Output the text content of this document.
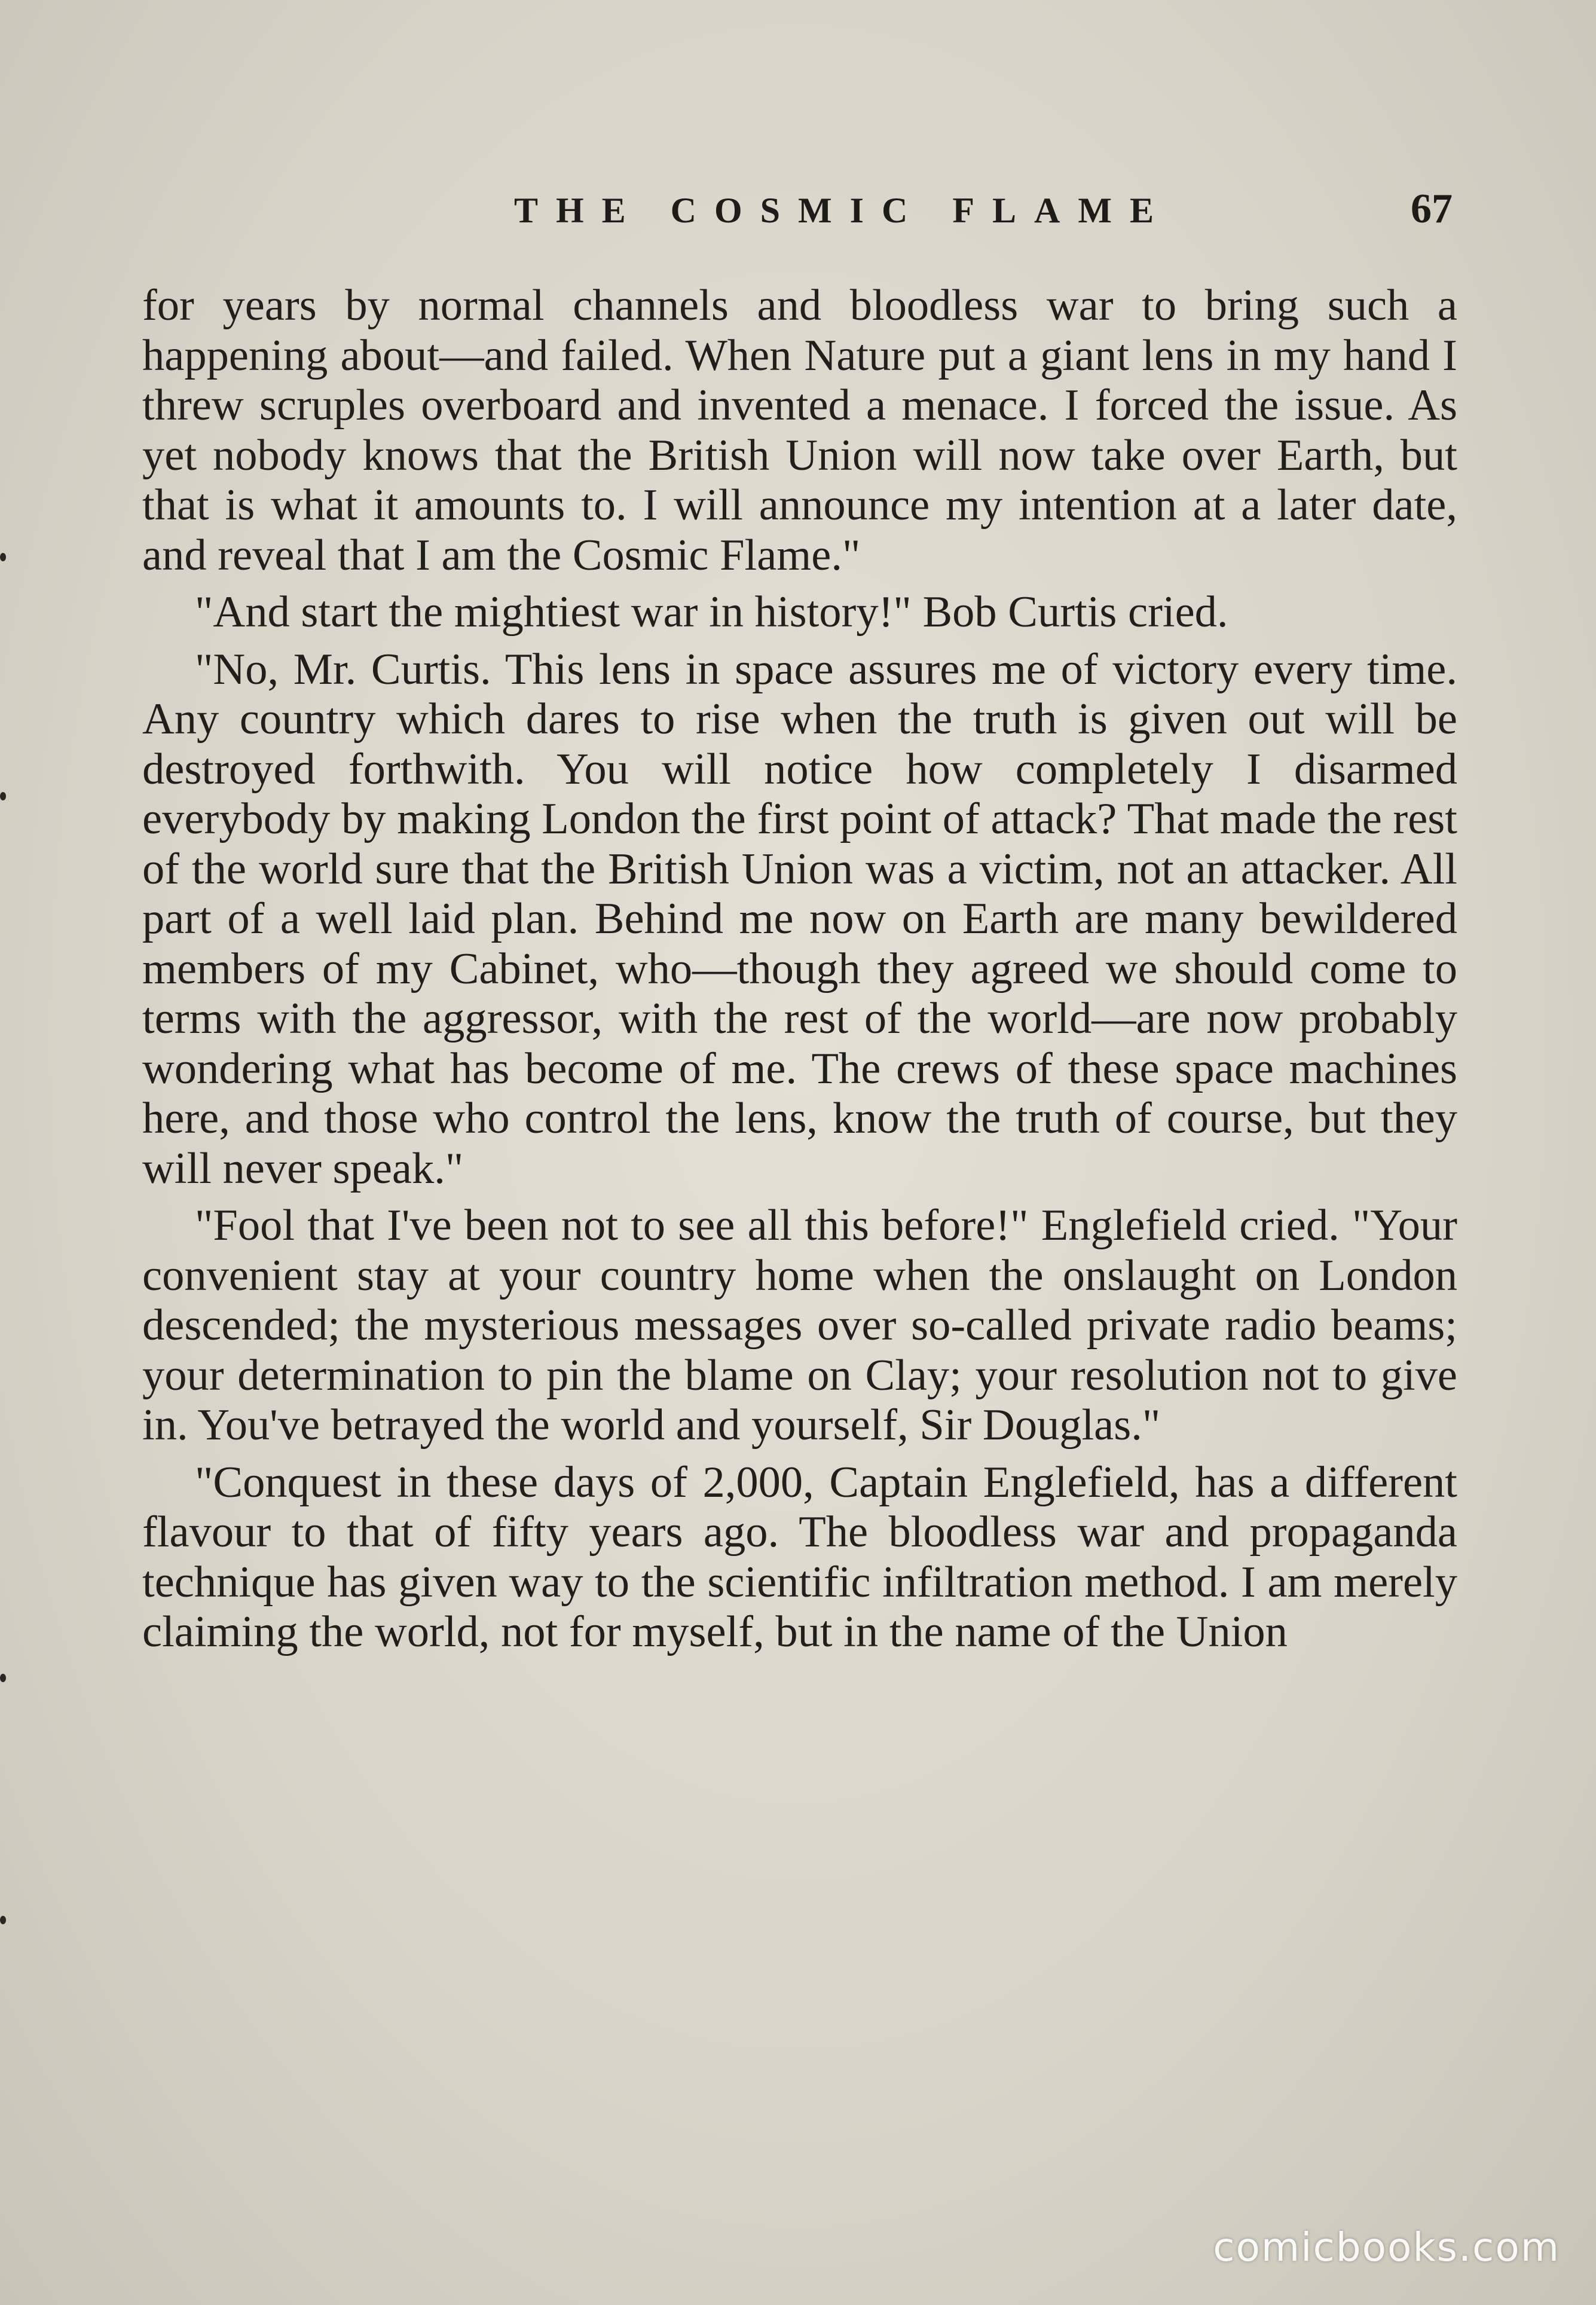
THE COSMIC FLAME	67

for years by normal channels and bloodless war to bring such a happening about—and failed. When Nature put a giant lens in my hand I threw scruples overboard and invented a menace. I forced the issue. As yet nobody knows that the British Union will now take over Earth, but that is what it amounts to. I will announce my intention at a later date, and reveal that I am the Cosmic Flame."

"And start the mightiest war in history!" Bob Curtis cried.

"No, Mr. Curtis. This lens in space assures me of victory every time. Any country which dares to rise when the truth is given out will be destroyed forthwith. You will notice how completely I disarmed everybody by making London the first point of attack? That made the rest of the world sure that the British Union was a victim, not an attacker. All part of a well laid plan. Behind me now on Earth are many bewildered members of my Cabinet, who—though they agreed we should come to terms with the aggressor, with the rest of the world—are now probably wondering what has become of me. The crews of these space machines here, and those who control the lens, know the truth of course, but they will never speak."

"Fool that I've been not to see all this before!" Englefield cried. "Your convenient stay at your country home when the onslaught on London descended; the mysterious messages over so-called private radio beams; your determination to pin the blame on Clay; your resolution not to give in. You've betrayed the world and yourself, Sir Douglas."

"Conquest in these days of 2,000, Captain Englefield, has a different flavour to that of fifty years ago. The bloodless war and propaganda technique has given way to the scientific infiltration method. I am merely claiming the world, not for myself, but in the name of the Union

comicbooks.com
